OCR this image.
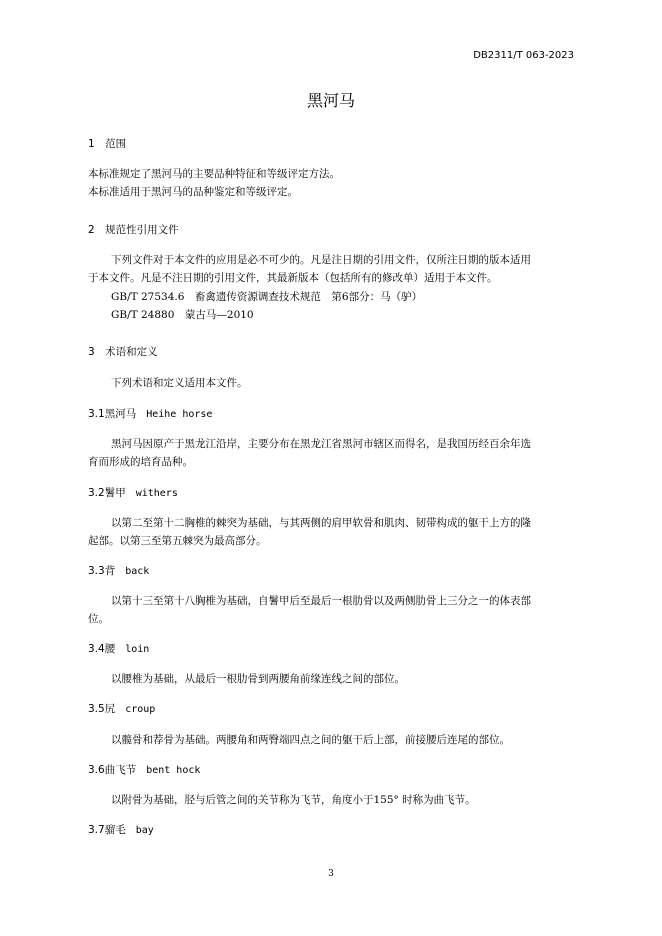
DB2311/T 063-2023
黑河马
1　范围
本标准规定了黑河马的主要品种特征和等级评定方法。
本标准适用于黑河马的品种鉴定和等级评定。
2　规范性引用文件
下列文件对于本文件的应用是必不可少的。凡是注日期的引用文件，仅所注日期的版本适用
于本文件。凡是不注日期的引用文件，其最新版本（包括所有的修改单）适用于本文件。
GB/T 27534.6　畜禽遗传资源调查技术规范　第6部分：马（驴）
GB/T 24880　蒙古马—2010
3　术语和定义
下列术语和定义适用本文件。
3.1黑河马 Heihe horse
黑河马因原产于黑龙江沿岸，主要分布在黑龙江省黑河市辖区而得名，是我国历经百余年选
育而形成的培育品种。
3.2鬐甲 withers
以第二至第十二胸椎的棘突为基础，与其两侧的肩甲软骨和肌肉、韧带构成的躯干上方的隆
起部。以第三至第五棘突为最高部分。
3.3背 back
以第十三至第十八胸椎为基础，自鬐甲后至最后一根肋骨以及两侧肋骨上三分之一的体表部
位。
3.4腰 loin
以腰椎为基础，从最后一根肋骨到两腰角前缘连线之间的部位。
3.5尻 croup
以髋骨和荐骨为基础。两腰角和两臀端四点之间的躯干后上部，前接腰后连尾的部位。
3.6曲飞节 bent hock
以附骨为基础，胫与后管之间的关节称为飞节，角度小于155° 时称为曲飞节。
3.7骝毛 bay
3
